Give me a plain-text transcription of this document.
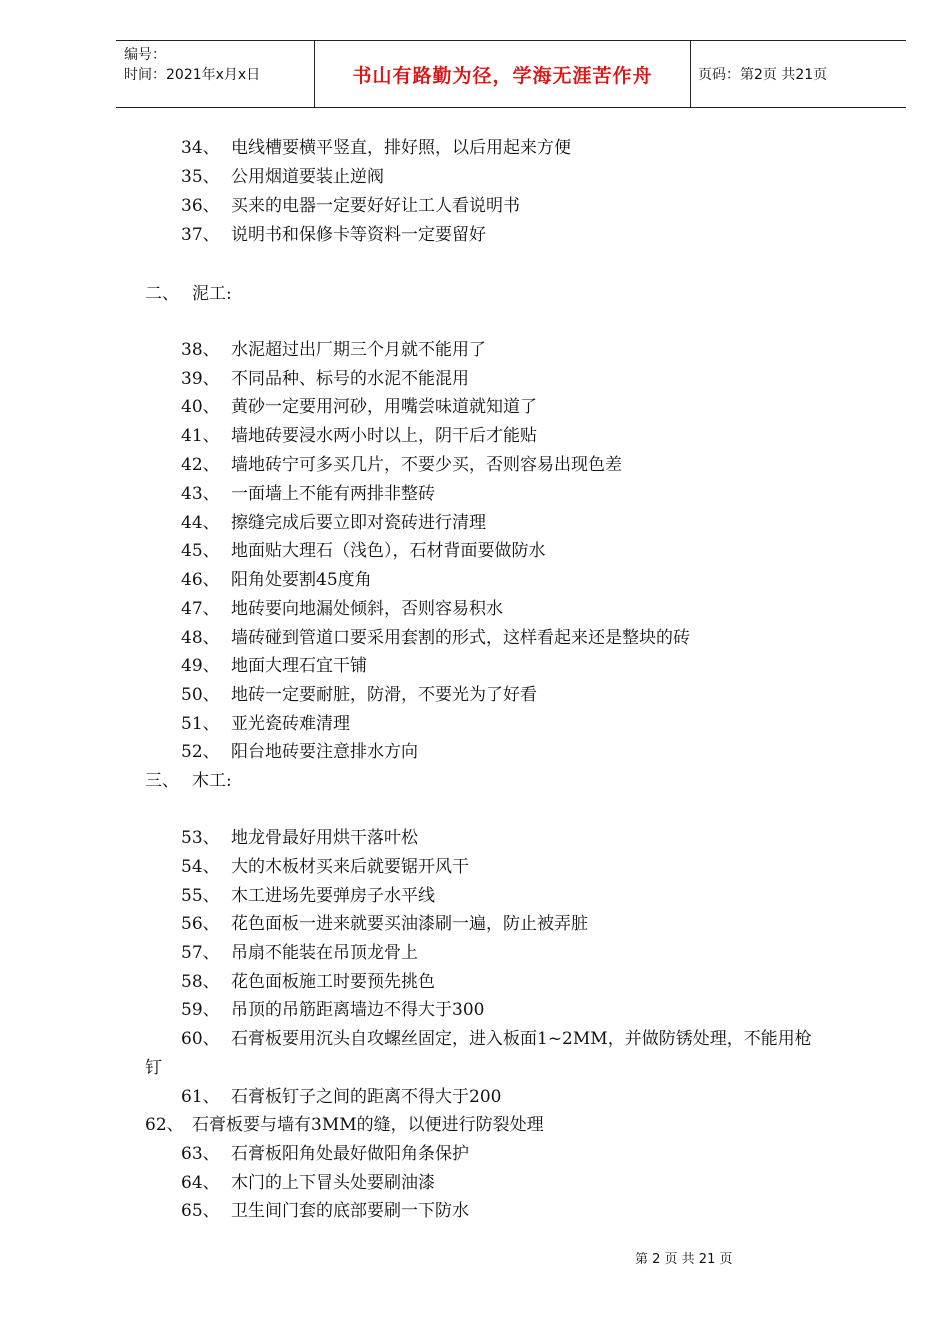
编号：
时间：2021年x月x日	书山有路勤为径，学海无涯苦作舟	页码：第2页 共21页
34、 电线槽要横平竖直，排好照，以后用起来方便
35、 公用烟道要装止逆阀
36、 买来的电器一定要好好让工人看说明书
37、 说明书和保修卡等资料一定要留好
二、 泥工:
38、 水泥超过出厂期三个月就不能用了
39、 不同品种、标号的水泥不能混用
40、 黄砂一定要用河砂，用嘴尝味道就知道了
41、 墙地砖要浸水两小时以上，阴干后才能贴
42、 墙地砖宁可多买几片，不要少买，否则容易出现色差
43、 一面墙上不能有两排非整砖
44、 擦缝完成后要立即对瓷砖进行清理
45、 地面贴大理石（浅色），石材背面要做防水
46、 阳角处要割45度角
47、 地砖要向地漏处倾斜，否则容易积水
48、 墙砖碰到管道口要采用套割的形式，这样看起来还是整块的砖
49、 地面大理石宜干铺
50、 地砖一定要耐脏，防滑，不要光为了好看
51、 亚光瓷砖难清理
52、 阳台地砖要注意排水方向
三、 木工:
53、 地龙骨最好用烘干落叶松
54、 大的木板材买来后就要锯开风干
55、 木工进场先要弹房子水平线
56、 花色面板一进来就要买油漆刷一遍，防止被弄脏
57、 吊扇不能装在吊顶龙骨上
58、 花色面板施工时要预先挑色
59、 吊顶的吊筋距离墙边不得大于300
60、 石膏板要用沉头自攻螺丝固定，进入板面1~2MM，并做防锈处理，不能用枪
钉
61、 石膏板钉子之间的距离不得大于200
62、 石膏板要与墙有3MM的缝，以便进行防裂处理
63、 石膏板阳角处最好做阳角条保护
64、 木门的上下冒头处要刷油漆
65、 卫生间门套的底部要刷一下防水
第 2 页 共 21 页
